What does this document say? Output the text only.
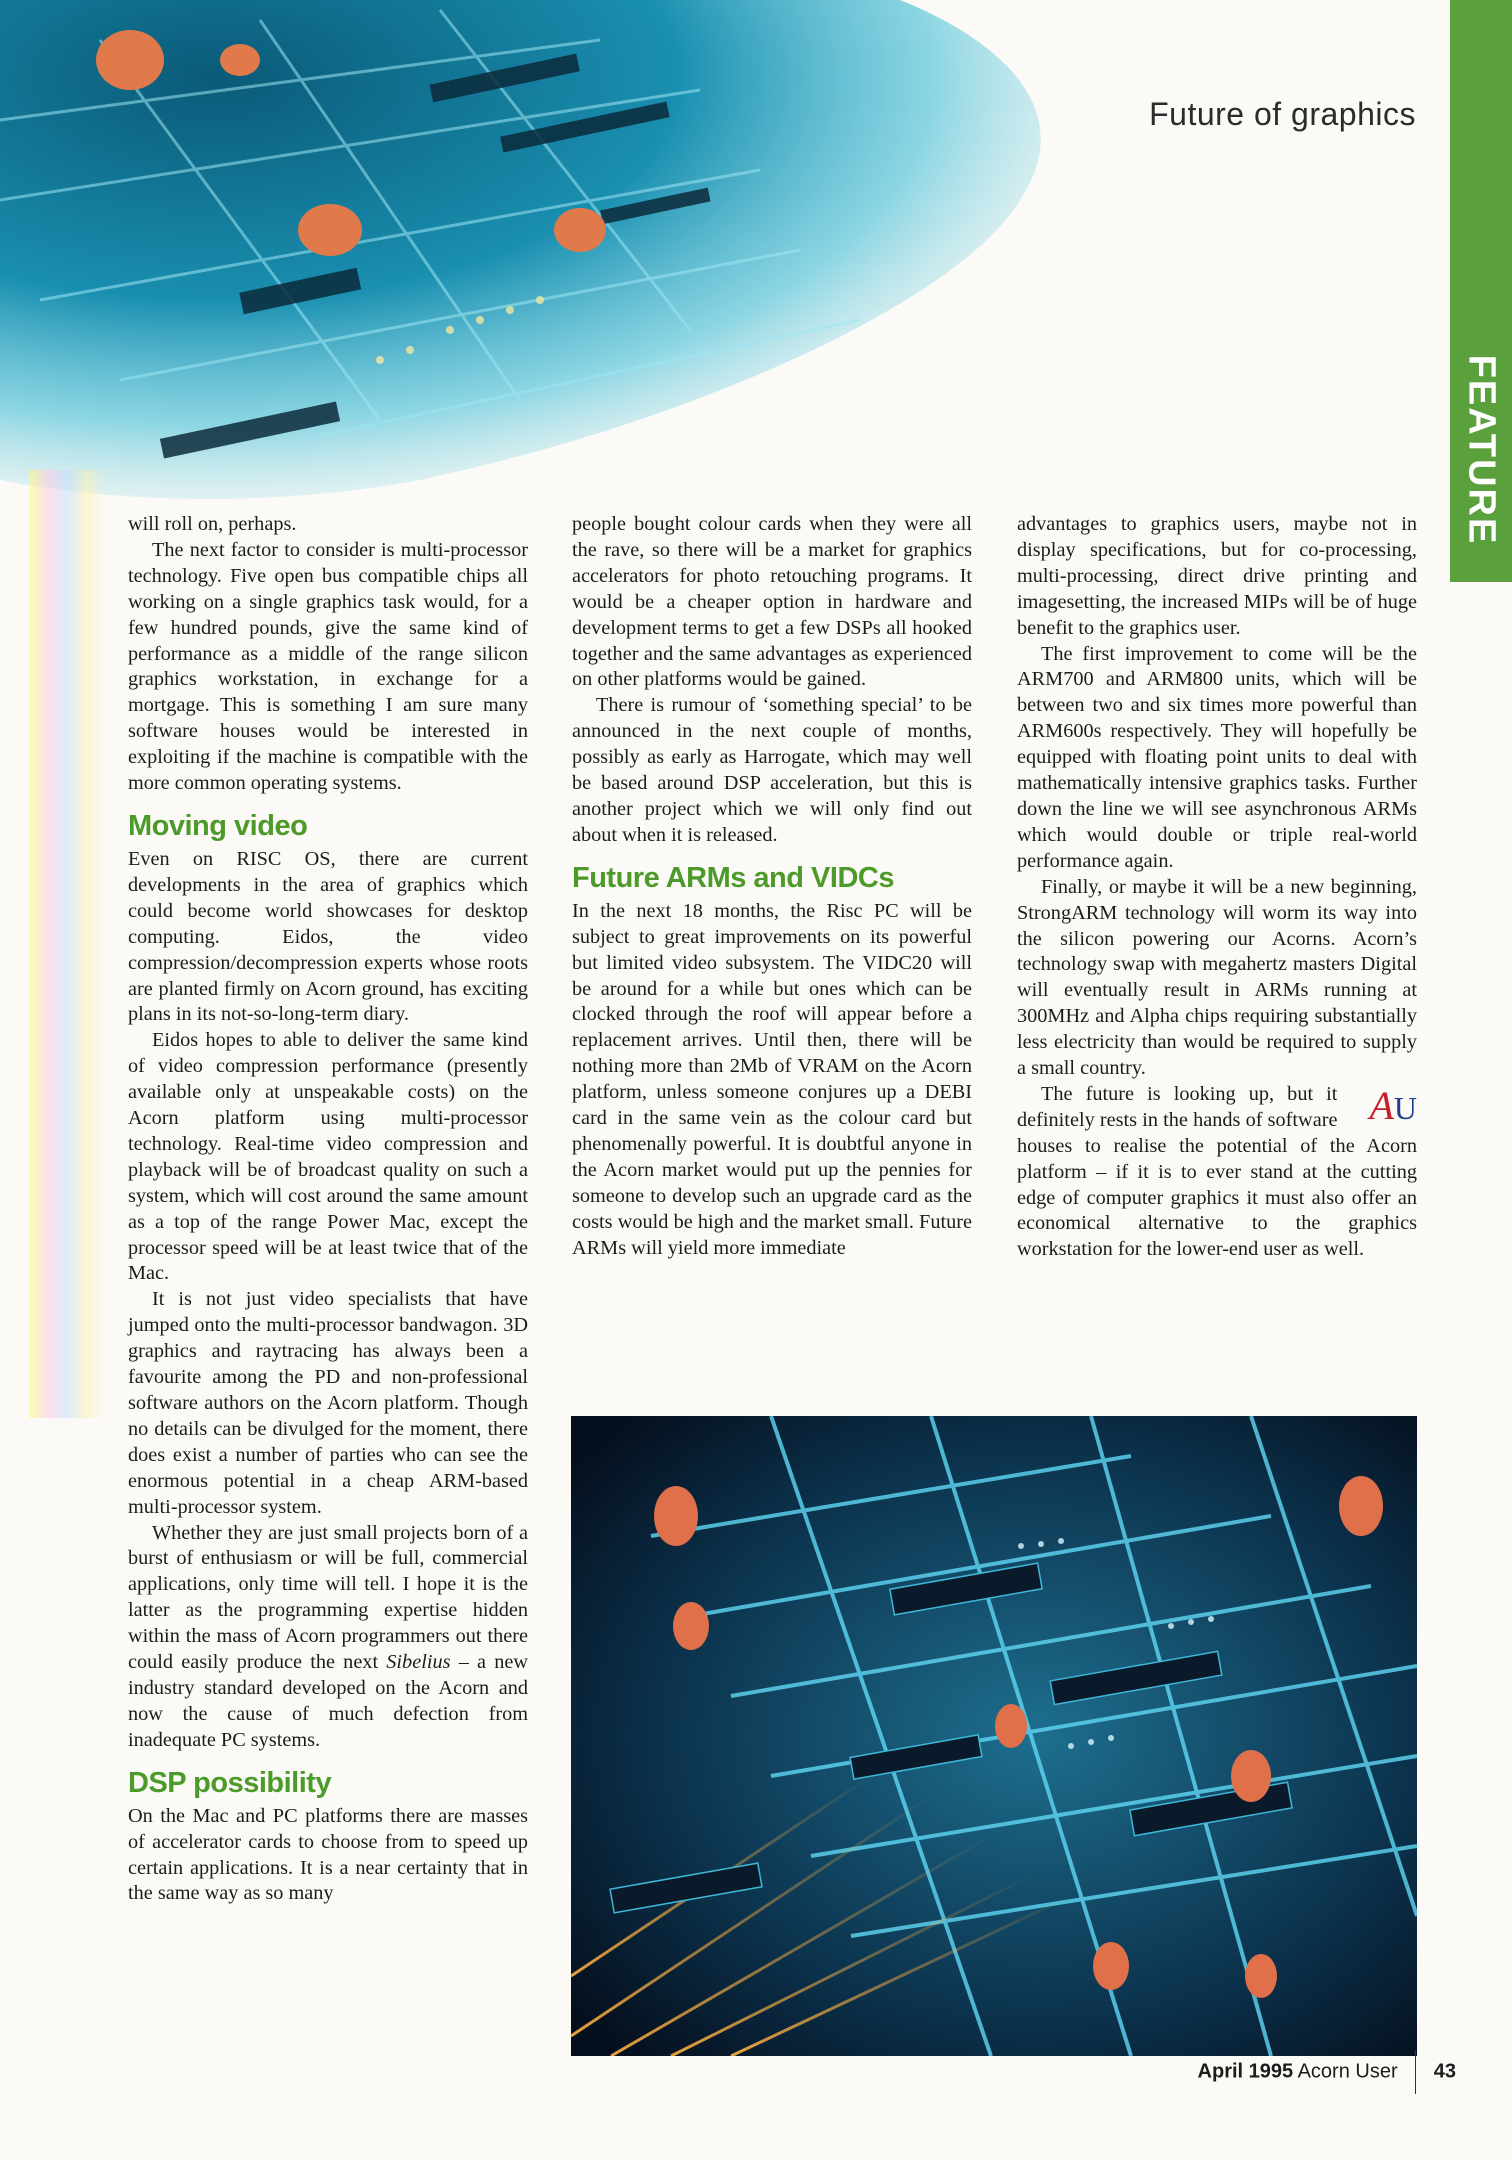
Future of graphics
FEATURE

will roll on, perhaps.

The next factor to consider is multi-processor technology. Five open bus compatible chips all working on a single graphics task would, for a few hundred pounds, give the same kind of performance as a middle of the range silicon graphics workstation, in exchange for a mortgage. This is something I am sure many software houses would be interested in exploiting if the machine is compatible with the more common operating systems.

Moving video

Even on RISC OS, there are current developments in the area of graphics which could become world showcases for desktop computing. Eidos, the video compression/decompression experts whose roots are planted firmly on Acorn ground, has exciting plans in its not-so-long-term diary.

Eidos hopes to able to deliver the same kind of video compression performance (presently available only at unspeakable costs) on the Acorn platform using multi-processor technology. Real-time video compression and playback will be of broadcast quality on such a system, which will cost around the same amount as a top of the range Power Mac, except the processor speed will be at least twice that of the Mac.

It is not just video specialists that have jumped onto the multi-processor bandwagon. 3D graphics and raytracing has always been a favourite among the PD and non-professional software authors on the Acorn platform. Though no details can be divulged for the moment, there does exist a number of parties who can see the enormous potential in a cheap ARM-based multi-processor system.

Whether they are just small projects born of a burst of enthusiasm or will be full, commercial applications, only time will tell. I hope it is the latter as the programming expertise hidden within the mass of Acorn programmers out there could easily produce the next Sibelius – a new industry standard developed on the Acorn and now the cause of much defection from inadequate PC systems.

DSP possibility

On the Mac and PC platforms there are masses of accelerator cards to choose from to speed up certain applications. It is a near certainty that in the same way as so many

people bought colour cards when they were all the rave, so there will be a market for graphics accelerators for photo retouching programs. It would be a cheaper option in hardware and development terms to get a few DSPs all hooked together and the same advantages as experienced on other platforms would be gained.

There is rumour of ‘something special’ to be announced in the next couple of months, possibly as early as Harrogate, which may well be based around DSP acceleration, but this is another project which we will only find out about when it is released.

Future ARMs and VIDCs

In the next 18 months, the Risc PC will be subject to great improvements on its powerful but limited video subsystem. The VIDC20 will be around for a while but ones which can be clocked through the roof will appear before a replacement arrives. Until then, there will be nothing more than 2Mb of VRAM on the Acorn platform, unless someone conjures up a DEBI card in the same vein as the colour card but phenomenally powerful. It is doubtful anyone in the Acorn market would put up the pennies for someone to develop such an upgrade card as the costs would be high and the market small. Future ARMs will yield more immediate

advantages to graphics users, maybe not in display specifications, but for co-processing, multi-processing, direct drive printing and imagesetting, the increased MIPs will be of huge benefit to the graphics user.

The first improvement to come will be the ARM700 and ARM800 units, which will be between two and six times more powerful than ARM600s respectively. They will hopefully be equipped with floating point units to deal with mathematically intensive graphics tasks. Further down the line we will see asynchronous ARMs which would double or triple real-world performance again.

Finally, or maybe it will be a new beginning, StrongARM technology will worm its way into the silicon powering our Acorns. Acorn’s technology swap with megahertz masters Digital will eventually result in ARMs running at 300MHz and Alpha chips requiring substantially less electricity than would be required to supply a small country.

AU
The future is looking up, but it definitely rests in the hands of software houses to realise the potential of the Acorn platform – if it is to ever stand at the cutting edge of computer graphics it must also offer an economical alternative to the graphics workstation for the lower-end user as well.

April 1995 Acorn User 43
